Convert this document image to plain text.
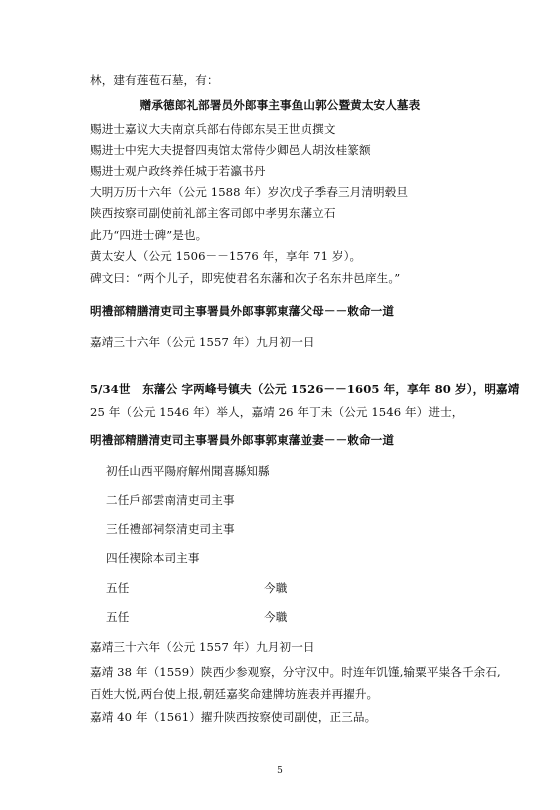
林，建有莲苞石墓，有：
赠承德郎礼部署员外郎事主事鱼山郭公暨黄太安人墓表
赐进士嘉议大夫南京兵部右侍郎东吴王世贞撰文
赐进士中宪大夫提督四夷馆太常侍少卿邑人胡汝桂篆额
赐进士观户政终养任城于若瀛书丹
大明万历十六年（公元 1588 年）岁次戊子季春三月清明毂旦
陕西按察司副使前礼部主客司郎中孝男东藩立石
此乃“四进士碑”是也。
黄太安人（公元 1506－－1576 年，享年 71 岁）。
碑文曰：“两个儿子，即宪使君名东藩和次子名东井邑庠生。”
明禮部精膳清吏司主事署員外郎事郭東藩父母－－敕命一道
嘉靖三十六年（公元 1557 年）九月初一日
5/34世　东藩公 字两峰号镇夫（公元 1526－－1605 年，享年 80 岁），明嘉靖
25 年（公元 1546 年）举人，嘉靖 26 年丁未（公元 1546 年）进士，
明禮部精膳清吏司主事署員外郎事郭東藩並妻－－敕命一道
初任山西平陽府解州聞喜縣知縣
二任戶部雲南清吏司主事
三任禮部祠祭清吏司主事
四任禊除本司主事
五任	今職
五任	今職
嘉靖三十六年（公元 1557 年）九月初一日
嘉靖 38 年（1559）陕西少参观察，分守汉中。时连年饥馑,输粟平粜各千余石,
百姓大悦,两台使上报,朝廷嘉奖命建牌坊旌表并再擢升。
嘉靖 40 年（1561）擢升陕西按察使司副使，正三品。
5
